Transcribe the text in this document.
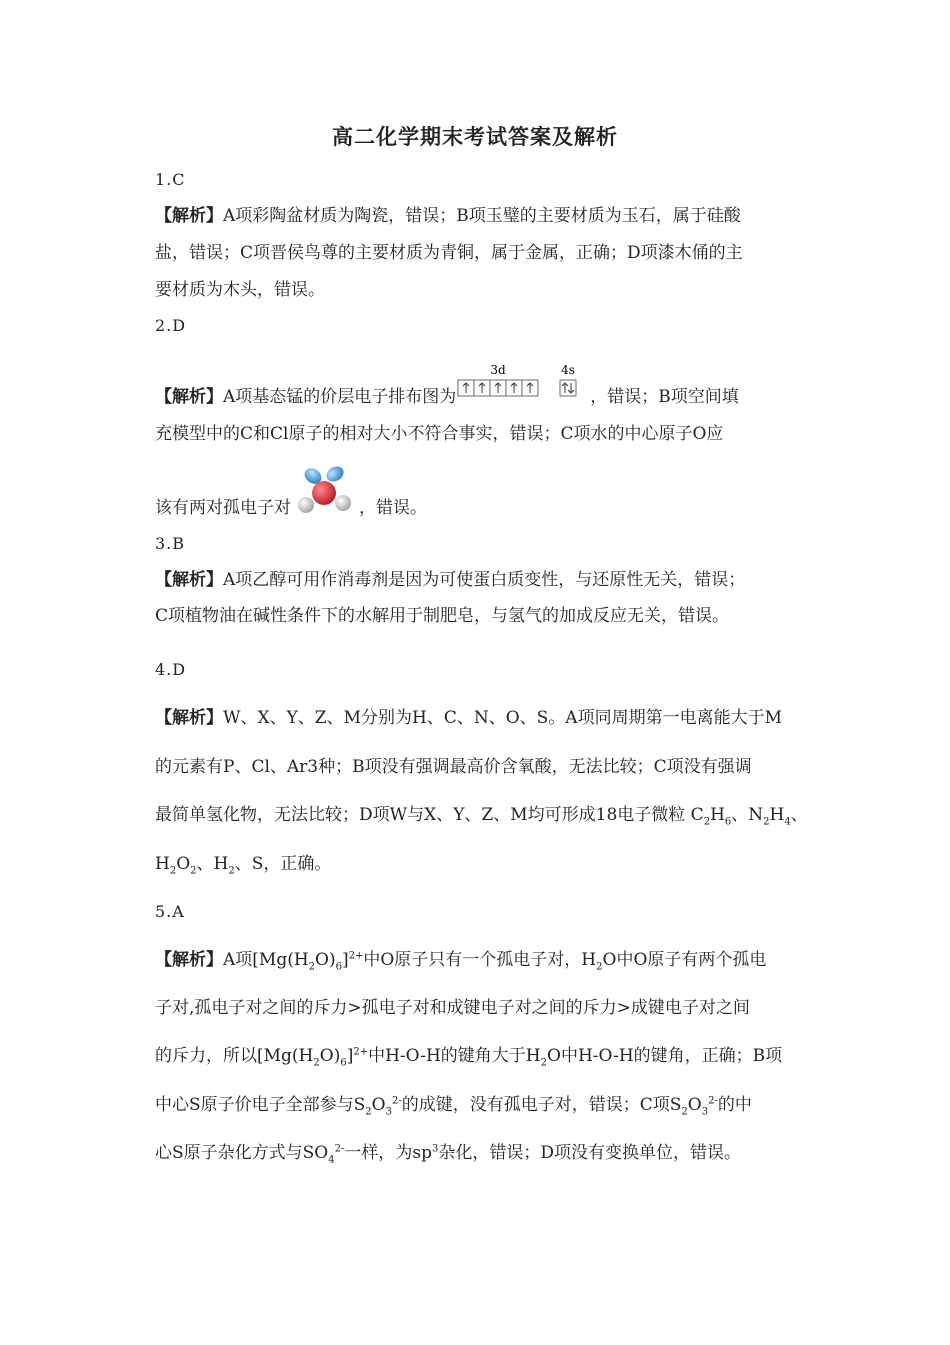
高二化学期末考试答案及解析
1.C
【解析】A项彩陶盆材质为陶瓷，错误；B项玉璧的主要材质为玉石，属于硅酸
盐，错误；C项晋侯鸟尊的主要材质为青铜，属于金属，正确；D项漆木俑的主
要材质为木头，错误。
2.D
【解析】A项基态锰的价层电子排布图为
3d	4s
，错误；B项空间填
充模型中的C和Cl原子的相对大小不符合事实，错误；C项水的中心原子O应
该有两对孤电子对	，错误。
3.B
【解析】A项乙醇可用作消毒剂是因为可使蛋白质变性，与还原性无关，错误；
C项植物油在碱性条件下的水解用于制肥皂，与氢气的加成反应无关，错误。
4.D
【解析】W、X、Y、Z、M分别为H、C、N、O、S。A项同周期第一电离能大于M
的元素有P、Cl、Ar3种；B项没有强调最高价含氧酸，无法比较；C项没有强调
最简单氢化物，无法比较；D项W与X、Y、Z、M均可形成18电子微粒 $C_2H_6$、$N_2H_4$、
$H_2O_2$、$H_2$、S，正确。
5.A
【解析】A项$[Mg(H_2O)_6]^{2+}$中O原子只有一个孤电子对，$H_2O$中O原子有两个孤电
子对,孤电子对之间的斥力>孤电子对和成键电子对之间的斥力>成键电子对之间
的斥力，所以$[Mg(H_2O)_6]^{2+}$中H-O-H的键角大于$H_2O$中H-O-H的键角，正确；B项
中心S原子价电子全部参与$S_2O_3^{2-}$的成键，没有孤电子对，错误；C项$S_2O_3^{2-}$的中
心S原子杂化方式与$SO_4^{2-}$一样，为$sp^3$杂化，错误；D项没有变换单位，错误。
